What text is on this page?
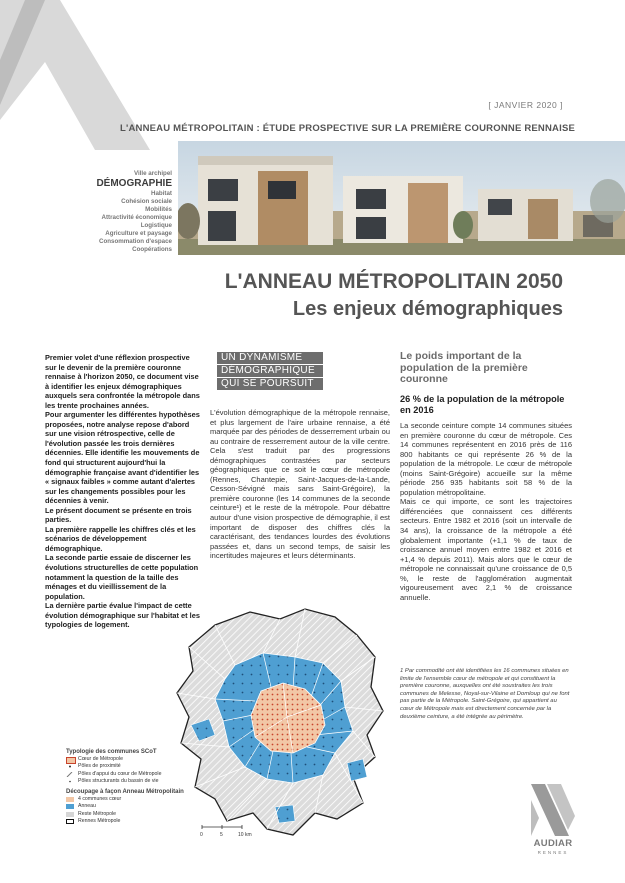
[ JANVIER 2020 ]
L'ANNEAU MÉTROPOLITAIN : ÉTUDE PROSPECTIVE SUR LA PREMIÈRE COURONNE RENNAISE
Ville archipel
DÉMOGRAPHIE
Habitat
Cohésion sociale
Mobilités
Attractivité économique
Logistique
Agriculture et paysage
Consommation d'espace
Coopérations
L'ANNEAU MÉTROPOLITAIN 2050
Les enjeux démographiques

Premier volet d'une réflexion prospective sur le devenir de la première couronne rennaise à l'horizon 2050, ce document vise à identifier les enjeux démographiques auxquels sera confrontée la métropole dans les trente prochaines années.

Pour argumenter les différentes hypothèses proposées, notre analyse repose d'abord sur une vision rétrospective, celle de l'évolution passée les trois dernières décennies. Elle identifie les mouvements de fond qui structurent aujourd'hui la démographie française avant d'identifier les « signaux faibles » comme autant d'alertes sur les changements possibles pour les décennies à venir.

Le présent document se présente en trois parties.

La première rappelle les chiffres clés et les scénarios de développement démographique.

La seconde partie essaie de discerner les évolutions structurelles de cette population notamment la question de la taille des ménages et du vieillissement de la population.

La dernière partie évalue l'impact de cette évolution démographique sur l'habitat et les typologies de logement.

UN DYNAMISME
DÉMOGRAPHIQUE
QUI SE POURSUIT

L'évolution démographique de la métropole rennaise, et plus largement de l'aire urbaine rennaise, a été marquée par des périodes de desserrement urbain ou au contraire de resserrement autour de la ville centre. Cela s'est traduit par des progressions démographiques contrastées par secteurs géographiques que ce soit le cœur de métropole (Rennes, Chantepie, Saint-Jacques-de-la-Lande, Cesson-Sévigné mais sans Saint-Grégoire), la première couronne (les 14 communes de la seconde ceinture¹) et le reste de la métropole. Pour débattre autour d'une vision prospective de démographie, il est important de disposer des chiffres clés la caractérisant, des tendances lourdes des évolutions passées et, dans un second temps, de saisir les incertitudes majeures et leurs déterminants.

Le poids important de la population de la première couronne
26 % de la population de la métropole en 2016

La seconde ceinture compte 14 communes situées en première couronne du cœur de métropole. Ces 14 communes représentent en 2016 près de 116 800 habitants ce qui représente 26 % de la population de la métropole. Le cœur de métropole (moins Saint-Grégoire) accueille sur la même période 256 935 habitants soit 58 % de la population métropolitaine.

Mais ce qui importe, ce sont les trajectoires différenciées que connaissent ces différents secteurs. Entre 1982 et 2016 (soit un intervalle de 34 ans), la croissance de la métropole a été globalement importante (+1,1 % de taux de croissance annuel moyen entre 1982 et 2016 et +1,4 % depuis 2011). Mais alors que le cœur de métropole ne connaissait qu'une croissance de 0,5 %, le reste de l'agglomération augmentait vigoureusement avec 2,1 % de croissance annuelle.

1 Par commodité ont été identifiées les 16 communes situées en limite de l'ensemble cœur de métropole et qui constituent la première couronne, auxquelles ont été soustraites les trois communes de Melesse, Noyal-sur-Vilaine et Domloup qui ne font pas partie de la Métropole. Saint-Grégoire, qui appartient au cœur de Métropole mais est directement concernée par la deuxième ceinture, a été intégrée au périmètre.
Typologie des communes SCoT
Cœur de Métropole
Pôles de proximité
Pôles d'appui du cœur de Métropole
Pôles structurants du bassin de vie
Découpage à façon Anneau Métropolitain
4 communes cœur
Anneau
Reste Métropole
Rennes Métropole
0	5	10 km
AUDIAR
RENNES
